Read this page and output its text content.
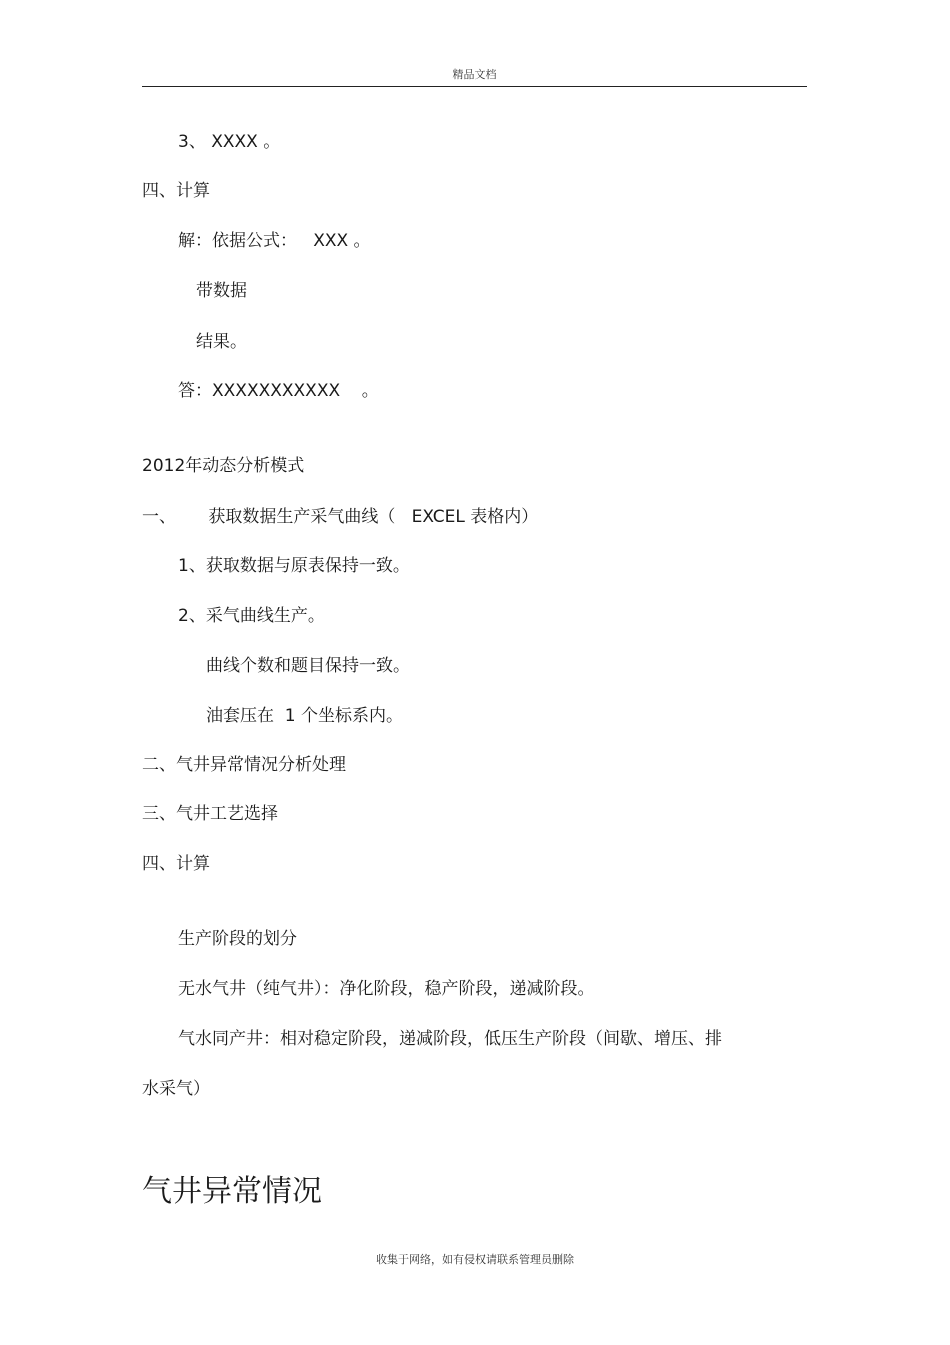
精品文档
3、 XXXX 。
四、计算
解：依据公式：   XXX 。
带数据
结果。
答：XXXXXXXXXXX    。
2012年动态分析模式
一、      获取数据生产采气曲线（   EXCEL 表格内）
1、获取数据与原表保持一致。
2、采气曲线生产。
曲线个数和题目保持一致。
油套压在  1 个坐标系内。
二、气井异常情况分析处理
三、气井工艺选择
四、计算
生产阶段的划分
无水气井（纯气井）：净化阶段，稳产阶段，递减阶段。
气水同产井：相对稳定阶段，递减阶段，低压生产阶段（间歇、增压、排
水采气）
气井异常情况
收集于网络，如有侵权请联系管理员删除
